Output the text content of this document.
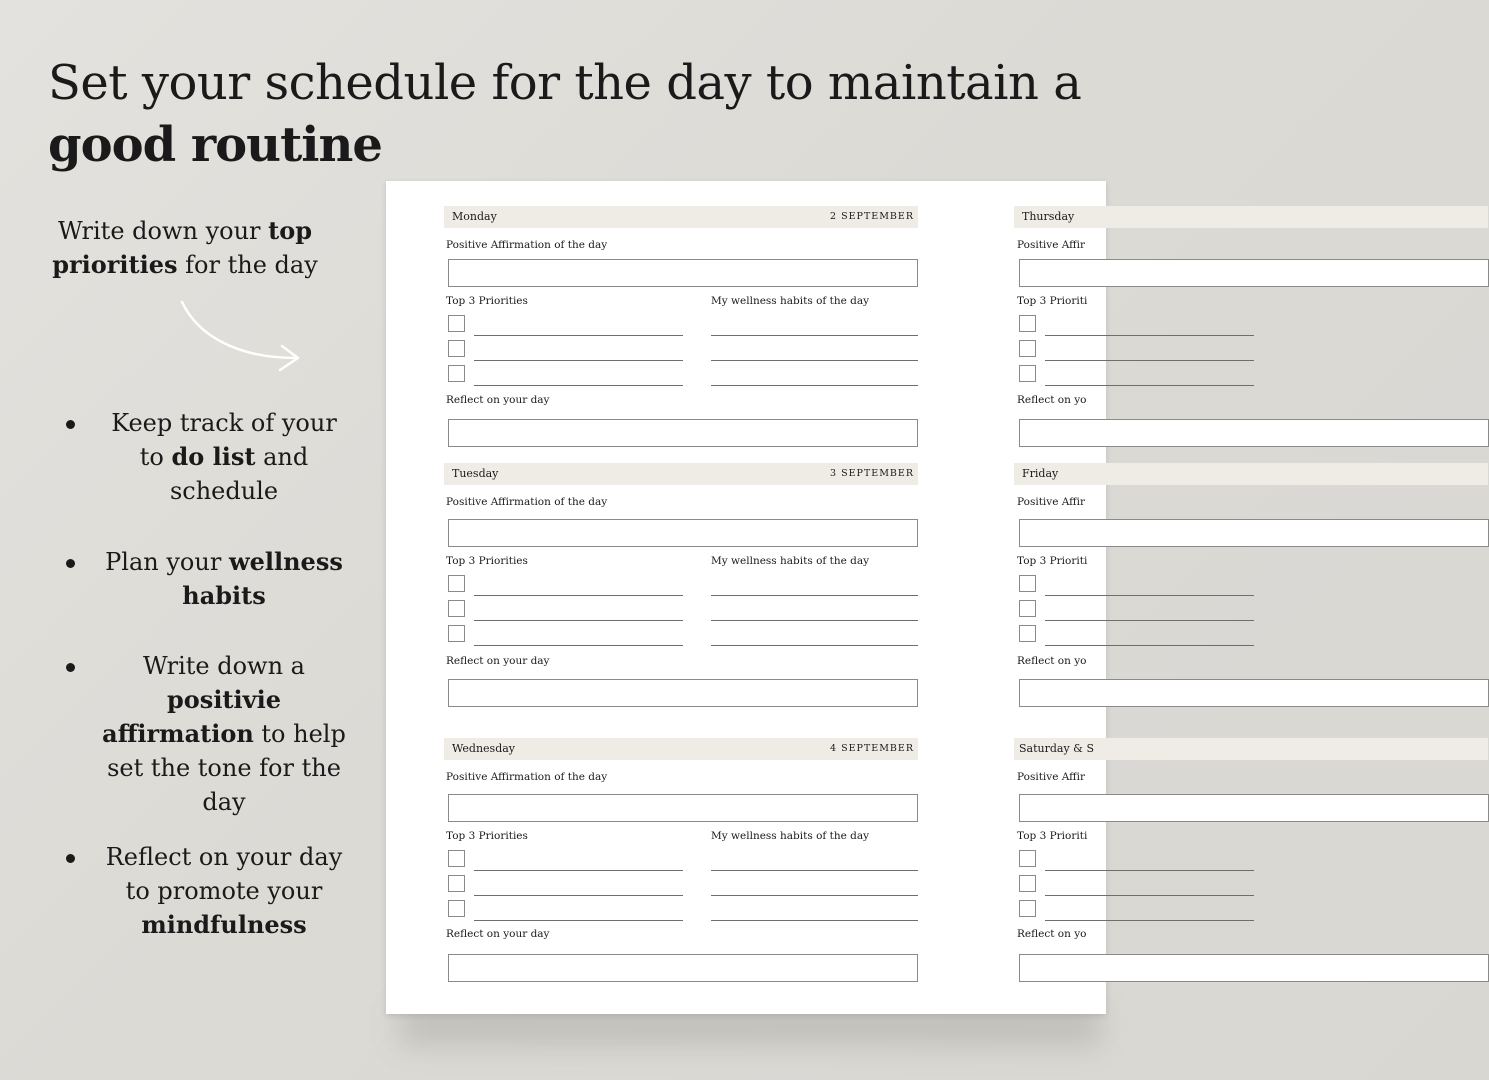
Set your schedule for the day to maintain a
good routine
Write down your top priorities for the day
Keep track of your to do list and schedule
Plan your wellness habits
Write down a positivie affirmation to help set the tone for the day
Reflect on your day to promote your mindfulness
Monday	2 SEPTEMBER
Positive Affirmation of the day
Top 3 Priorities	My wellness habits of the day
Reflect on your day
Tuesday	3 SEPTEMBER
Positive Affirmation of the day
Top 3 Priorities	My wellness habits of the day
Reflect on your day
Wednesday	4 SEPTEMBER
Positive Affirmation of the day
Top 3 Priorities	My wellness habits of the day
Reflect on your day
Thursday
Positive Affir
Top 3 Prioriti
Reflect on yo
Friday
Positive Affir
Top 3 Prioriti
Reflect on yo
Saturday & S
Positive Affir
Top 3 Prioriti
Reflect on yo
